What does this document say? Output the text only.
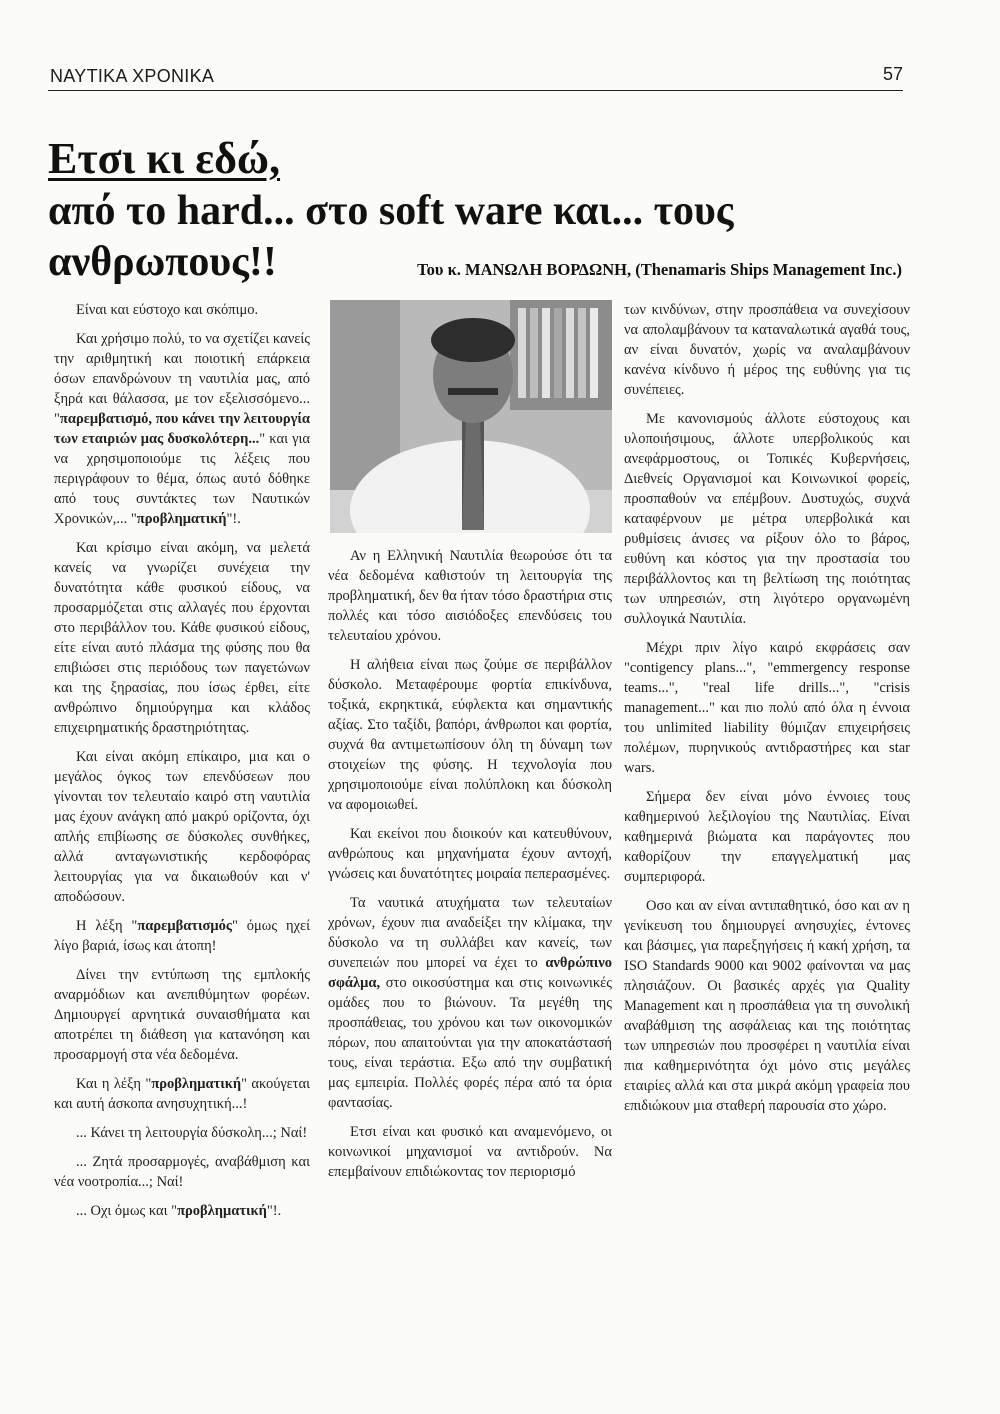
ΝΑΥΤΙΚΑ ΧΡΟΝΙΚΑ	57
Ετσι κι εδώ,
από το hard... στο soft ware και... τους ανθρωπους!!	Του κ. ΜΑΝΩΛΗ ΒΟΡΔΩΝΗ, (Thenamaris Ships Management Inc.)

Είναι και εύστοχο και σκόπιμο.

Και χρήσιμο πολύ, το να σχετίζει κανείς την αριθμητική και ποιοτική επάρκεια όσων επανδρώνουν τη ναυτιλία μας, από ξηρά και θάλασσα, με τον εξελισσόμενο... "παρεμβατισμό, που κάνει την λειτουργία των εταιριών μας δυσκολότερη..." και για να χρησιμοποιούμε τις λέξεις που περιγράφουν το θέμα, όπως αυτό δόθηκε από τους συντάκτες των Ναυτικών Χρονικών,... "προβληματική"!.

Και κρίσιμο είναι ακόμη, να μελετά κανείς να γνωρίζει συνέχεια την δυνατότητα κάθε φυσικού είδους, να προσαρμόζεται στις αλλαγές που έρχονται στο περιβάλλον του. Κάθε φυσικού είδους, είτε είναι αυτό πλάσμα της φύσης που θα επιβιώσει στις περιόδους των παγετώνων και της ξηρασίας, που ίσως έρθει, είτε ανθρώπινο δημιούργημα και κλάδος επιχειρηματικής δραστηριότητας.

Και είναι ακόμη επίκαιρο, μια και ο μεγάλος όγκος των επενδύσεων που γίνονται τον τελευταίο καιρό στη ναυτιλία μας έχουν ανάγκη από μακρύ ορίζοντα, όχι απλής επιβίωσης σε δύσκολες συνθήκες, αλλά ανταγωνιστικής κερδοφόρας λειτουργίας για να δικαιωθούν και ν' αποδώσουν.

Η λέξη "παρεμβατισμός" όμως ηχεί λίγο βαριά, ίσως και άτοπη!

Δίνει την εντύπωση της εμπλοκής αναρμόδιων και ανεπιθύμητων φορέων. Δημιουργεί αρνητικά συναισθήματα και αποτρέπει τη διάθεση για κατανόηση και προσαρμογή στα νέα δεδομένα.

Και η λέξη "προβληματική" ακούγεται και αυτή άσκοπα ανησυχητική...!

... Κάνει τη λειτουργία δύσκολη...; Ναί!

... Ζητά προσαρμογές, αναβάθμιση και νέα νοοτροπία...; Ναί!

... Οχι όμως και "προβληματική"!.

Αν η Ελληνική Ναυτιλία θεωρούσε ότι τα νέα δεδομένα καθιστούν τη λειτουργία της προβληματική, δεν θα ήταν τόσο δραστήρια στις πολλές και τόσο αισιόδοξες επενδύσεις του τελευταίου χρόνου.

Η αλήθεια είναι πως ζούμε σε περιβάλλον δύσκολο. Μεταφέρουμε φορτία επικίνδυνα, τοξικά, εκρηκτικά, εύφλεκτα και σημαντικής αξίας. Στο ταξίδι, βαπόρι, άνθρωποι και φορτία, συχνά θα αντιμετωπίσουν όλη τη δύναμη των στοιχείων της φύσης. Η τεχνολογία που χρησιμοποιούμε είναι πολύπλοκη και δύσκολη να αφομοιωθεί.

Και εκείνοι που διοικούν και κατευθύνουν, ανθρώπους και μηχανήματα έχουν αντοχή, γνώσεις και δυνατότητες μοιραία πεπερασμένες.

Τα ναυτικά ατυχήματα των τελευταίων χρόνων, έχουν πια αναδείξει την κλίμακα, την δύσκολο να τη συλλάβει καν κανείς, των συνεπειών που μπορεί να έχει το ανθρώπινο σφάλμα, στο οικοσύστημα και στις κοινωνικές ομάδες που το βιώνουν. Τα μεγέθη της προσπάθειας, του χρόνου και των οικονομικών πόρων, που απαιτούνται για την αποκατάστασή τους, είναι τεράστια. Εξω από την συμβατική μας εμπειρία. Πολλές φορές πέρα από τα όρια φαντασίας.

Ετσι είναι και φυσικό και αναμενόμενο, οι κοινωνικοί μηχανισμοί να αντιδρούν. Να επεμβαίνουν επιδιώκοντας τον περιορισμό

των κινδύνων, στην προσπάθεια να συνεχίσουν να απολαμβάνουν τα καταναλωτικά αγαθά τους, αν είναι δυνατόν, χωρίς να αναλαμβάνουν κανένα κίνδυνο ή μέρος της ευθύνης για τις συνέπειες.

Με κανονισμούς άλλοτε εύστοχους και υλοποιήσιμους, άλλοτε υπερβολικούς και ανεφάρμοστους, οι Τοπικές Κυβερνήσεις, Διεθνείς Οργανισμοί και Κοινωνικοί φορείς, προσπαθούν να επέμβουν. Δυστυχώς, συχνά καταφέρνουν με μέτρα υπερβολικά και ρυθμίσεις άνισες να ρίξουν όλο το βάρος, ευθύνη και κόστος για την προστασία του περιβάλλοντος και τη βελτίωση της ποιότητας των υπηρεσιών, στη λιγότερο οργανωμένη συλλογικά Ναυτιλία.

Μέχρι πριν λίγο καιρό εκφράσεις σαν "contigency plans...", "emmergency response teams...", "real life drills...", "crisis management..." και πιο πολύ από όλα η έννοια του unlimited liability θύμιζαν επιχειρήσεις πολέμων, πυρηνικούς αντιδραστήρες και star wars.

Σήμερα δεν είναι μόνο έννοιες τους καθημερινού λεξιλογίου της Ναυτιλίας. Είναι καθημερινά βιώματα και παράγοντες που καθορίζουν την επαγγελματική μας συμπεριφορά.

Οσο και αν είναι αντιπαθητικό, όσο και αν η γενίκευση του δημιουργεί ανησυχίες, έντονες και βάσιμες, για παρεξηγήσεις ή κακή χρήση, τα ISO Standards 9000 και 9002 φαίνονται να μας πλησιάζουν. Οι βασικές αρχές για Quality Management και η προσπάθεια για τη συνολική αναβάθμιση της ασφάλειας και της ποιότητας των υπηρεσιών που προσφέρει η ναυτιλία είναι πια καθημερινότητα όχι μόνο στις μεγάλες εταιρίες αλλά και στα μικρά ακόμη γραφεία που επιδιώκουν μια σταθερή παρουσία στο χώρο.
